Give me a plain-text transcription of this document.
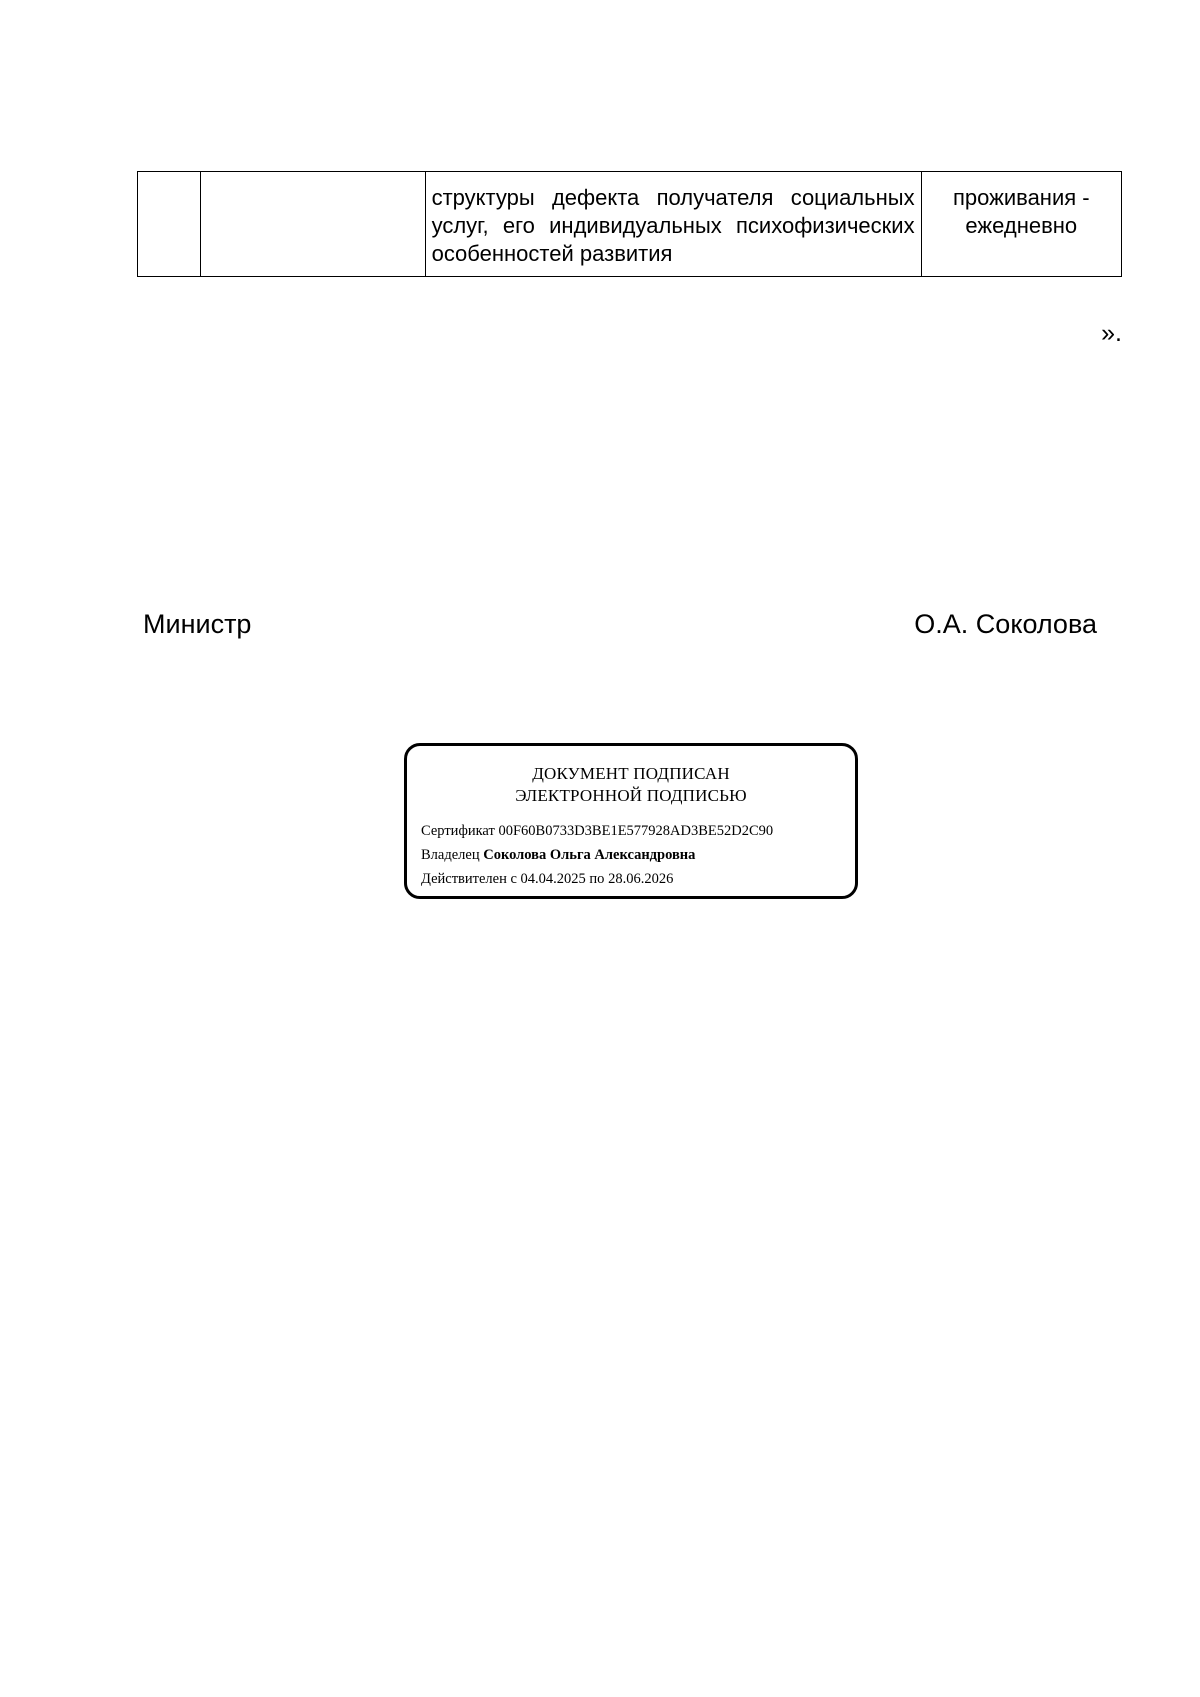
		структуры дефекта получателя социальных услуг, его индивидуальных психофизических особенностей развития	проживания - ежедневно
».
Министр	О.А. Соколова
ДОКУМЕНТ ПОДПИСАН
ЭЛЕКТРОННОЙ ПОДПИСЬЮ
Сертификат 00F60B0733D3BE1E577928AD3BE52D2C90
Владелец Соколова Ольга Александровна
Действителен с 04.04.2025 по 28.06.2026
